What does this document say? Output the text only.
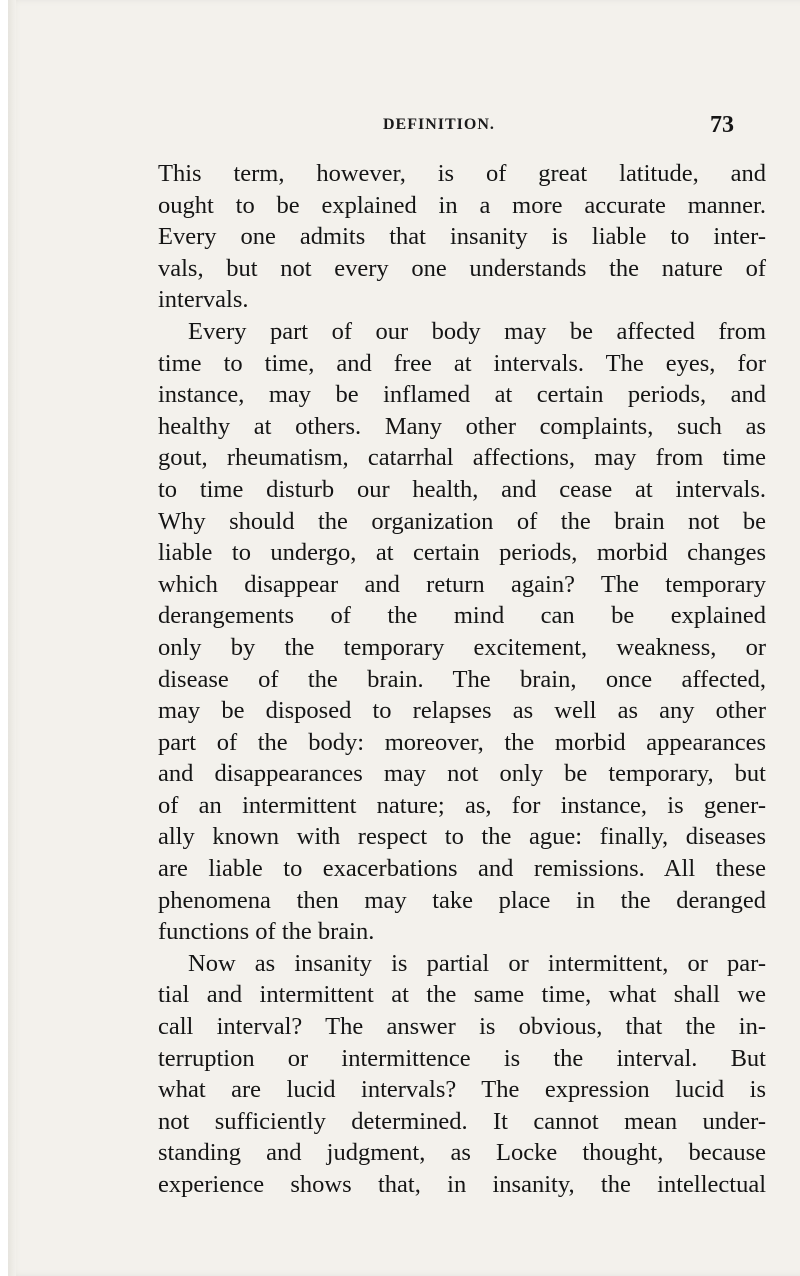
DEFINITION.	73
This term, however, is of great latitude, and
ought to be explained in a more accurate manner.
Every one admits that insanity is liable to inter-
vals, but not every one understands the nature of
intervals.
Every part of our body may be affected from
time to time, and free at intervals. The eyes, for
instance, may be inflamed at certain periods, and
healthy at others. Many other complaints, such as
gout, rheumatism, catarrhal affections, may from time
to time disturb our health, and cease at intervals.
Why should the organization of the brain not be
liable to undergo, at certain periods, morbid changes
which disappear and return again? The temporary
derangements of the mind can be explained
only by the temporary excitement, weakness, or
disease of the brain. The brain, once affected,
may be disposed to relapses as well as any other
part of the body: moreover, the morbid appearances
and disappearances may not only be temporary, but
of an intermittent nature; as, for instance, is gener-
ally known with respect to the ague: finally, diseases
are liable to exacerbations and remissions. All these
phenomena then may take place in the deranged
functions of the brain.
Now as insanity is partial or intermittent, or par-
tial and intermittent at the same time, what shall we
call interval? The answer is obvious, that the in-
terruption or intermittence is the interval. But
what are lucid intervals? The expression lucid is
not sufficiently determined. It cannot mean under-
standing and judgment, as Locke thought, because
experience shows that, in insanity, the intellectual
